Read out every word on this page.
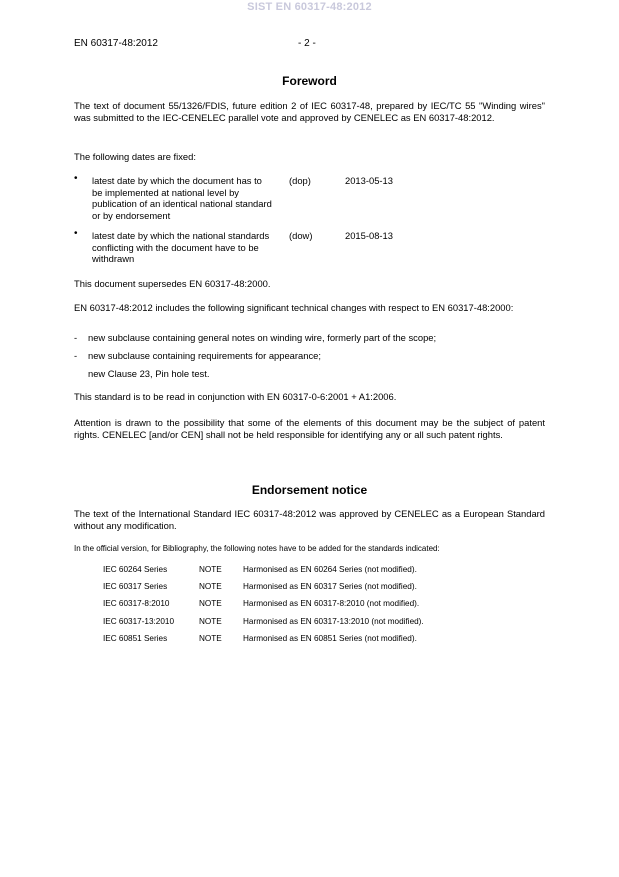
SIST EN 60317-48:2012
EN 60317-48:2012	- 2 -
Foreword
The text of document 55/1326/FDIS, future edition 2 of IEC 60317-48, prepared by IEC/TC 55 "Winding wires" was submitted to the IEC-CENELEC parallel vote and approved by CENELEC as EN 60317-48:2012.
The following dates are fixed:
• latest date by which the document has to be implemented at national level by publication of an identical national standard or by endorsement
(dop)	2013-05-13
• latest date by which the national standards conflicting with the document have to be withdrawn
(dow)	2015-08-13
This document supersedes EN 60317-48:2000.
EN 60317-48:2012 includes the following significant technical changes with respect to EN 60317-48:2000:
- new subclause containing general notes on winding wire, formerly part of the scope;
- new subclause containing requirements for appearance;
new Clause 23, Pin hole test.
This standard is to be read in conjunction with EN 60317-0-6:2001 + A1:2006.
Attention is drawn to the possibility that some of the elements of this document may be the subject of patent rights. CENELEC [and/or CEN] shall not be held responsible for identifying any or all such patent rights.
Endorsement notice
The text of the International Standard IEC 60317-48:2012 was approved by CENELEC as a European Standard without any modification.
In the official version, for Bibliography, the following notes have to be added for the standards indicated:
IEC 60264 Series	NOTE	Harmonised as EN 60264 Series (not modified).
IEC 60317 Series	NOTE	Harmonised as EN 60317 Series (not modified).
IEC 60317-8:2010	NOTE	Harmonised as EN 60317-8:2010 (not modified).
IEC 60317-13:2010	NOTE	Harmonised as EN 60317-13:2010 (not modified).
IEC 60851 Series	NOTE	Harmonised as EN 60851 Series (not modified).
